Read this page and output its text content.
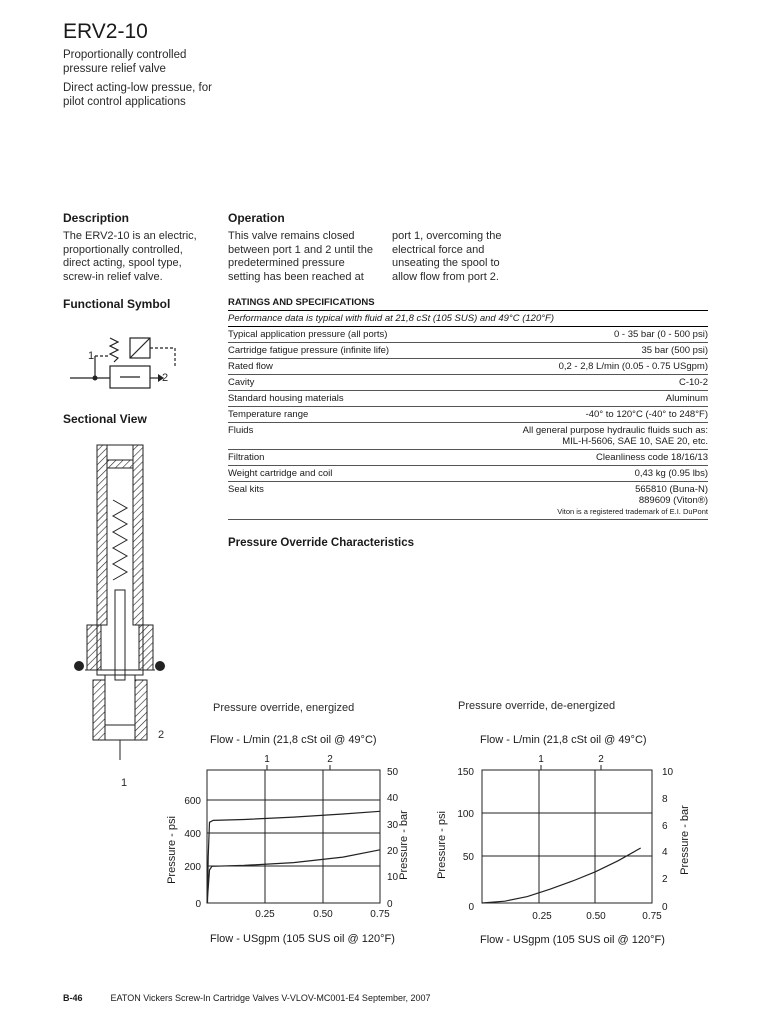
ERV2-10
Proportionally controlled pressure relief valve
Direct acting-low pressue, for pilot control applications
Description
The ERV2-10 is an electric, proportionally controlled, direct acting, spool type, screw-in relief valve.
Operation
This valve remains closed between port 1 and 2 until the predetermined pressure setting has been reached at
port 1, overcoming the electrical force and unseating the spool to allow flow from port 2.
Functional Symbol
1
2
Sectional View
2
1
RATINGS AND SPECIFICATIONS
Performance data is typical with fluid at 21,8 cSt (105 SUS) and 49°C (120°F)
Typical application pressure (all ports)	0 - 35 bar (0 - 500 psi)
Cartridge fatigue pressure (infinite life)	35 bar (500 psi)
Rated flow	0,2 - 2,8 L/min (0.05 - 0.75 USgpm)
Cavity	C-10-2
Standard housing materials	Aluminum
Temperature range	-40° to 120°C (-40° to 248°F)
Fluids	All general purpose hydraulic fluids such as:
MIL-H-5606, SAE 10, SAE 20, etc.
Filtration	Cleanliness code 18/16/13
Weight cartridge and coil	0,43 kg (0.95 lbs)
Seal kits	565810 (Buna-N)
889609 (Viton®)
Viton is a registered trademark of E.I. DuPont
Pressure Override Characteristics
Pressure override, energized	Pressure override, de-energized
Flow - L/min (21,8 cSt oil @ 49°C)
Pressure - psi	Pressure - bar
Flow - USgpm (105 SUS oil @ 120°F)
0.25	0.50	0.75
0
200
400
600
0
10
20
30
40
50
1	2
Flow - L/min (21,8 cSt oil @ 49°C)
Pressure - psi	Pressure - bar
Flow - USgpm (105 SUS oil @ 120°F)
0.25	0.50	0.75
0
50
100
150
0
2
4
6
8
10
1	2
B-46	EATON Vickers Screw-In Cartridge Valves V-VLOV-MC001-E4 September, 2007
